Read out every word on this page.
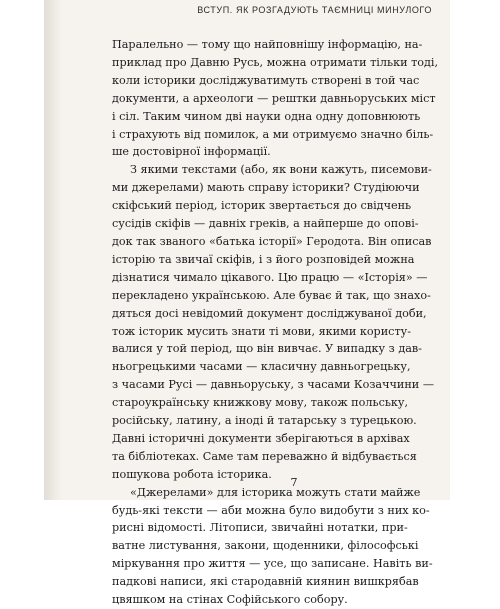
ВСТУП. ЯК РОЗГАДУЮТЬ ТАЄМНИЦІ МИНУЛОГО
Паралельно — тому що найповнішу інформацію, на-
приклад про Давню Русь, можна отримати тільки тоді,
коли історики досліджуватимуть створені в той час
документи, а археологи — рештки давньоруських міст
і сіл. Таким чином дві науки одна одну доповнюють
і страхують від помилок, а ми отримуємо значно біль-
ше достовірної інформації.
З якими текстами (або, як вони кажуть, писемови-
ми джерелами) мають справу історики? Студіюючи
скіфський період, історик звертається до свідчень
сусідів скіфів — давніх греків, а найперше до опові-
док так званого «батька історії» Геродота. Він описав
історію та звичаї скіфів, і з його розповідей можна
дізнатися чимало цікавого. Цю працю — «Історія» —
перекладено українською. Але буває й так, що знахо-
дяться досі невідомий документ досліджуваної доби,
тож історик мусить знати ті мови, якими користу-
валися у той період, що він вивчає. У випадку з дав-
ньогрецькими часами — класичну давньогрецьку,
з часами Русі — давньоруську, з часами Козаччини —
староукраїнську книжкову мову, також польську,
російську, латину, а іноді й татарську з турецькою.
Давні історичні документи зберігаються в архівах
та бібліотеках. Саме там переважно й відбувається
пошукова робота історика.
«Джерелами» для історика можуть стати майже
будь-які тексти — аби можна було видобути з них ко-
рисні відомості. Літописи, звичайні нотатки, при-
ватне листування, закони, щоденники, філософські
міркування про життя — усе, що записане. Навіть ви-
падкові написи, які стародавній киянин вишкрябав
цвяшком на стінах Софійського собору.
7
